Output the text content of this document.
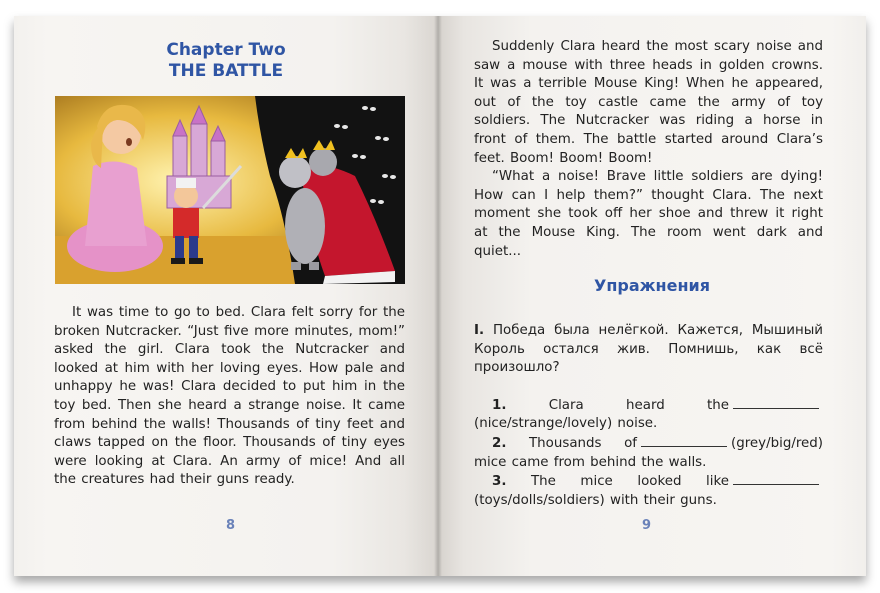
Chapter Two
THE BATTLE

It was time to go to bed. Clara felt sorry for the broken Nutcracker. “Just five more minutes, mom!” asked the girl. Clara took the Nutcracker and looked at him with her loving eyes. How pale and unhappy he was! Clara decided to put him in the toy bed. Then she heard a strange noise. It came from behind the walls! Thousands of tiny feet and claws tapped on the floor. Thousands of tiny eyes were looking at Clara. An army of mice! And all the creatures had their guns ready.

8

Suddenly Clara heard the most scary noise and saw a mouse with three heads in golden crowns. It was a terrible Mouse King! When he appeared, out of the toy castle came the army of toy soldiers. The Nutcracker was riding a horse in front of them. The battle started around Clara’s feet. Boom! Boom! Boom!

“What a noise! Brave little soldiers are dying! How can I help them?” thought Clara. The next moment she took off her shoe and threw it right at the Mouse King. The room went dark and quiet...

Упражнения

I. Победа была нелёгкой. Кажется, Мышиный Король остался жив. Помнишь, как всё произошло?

1.	Clara heard the(nice/strange/lovely) noise.

2. Thousands of	(grey/big/red) mice came from behind the walls.

3. The mice looked like(toys/dolls/soldiers) with their guns.

9
